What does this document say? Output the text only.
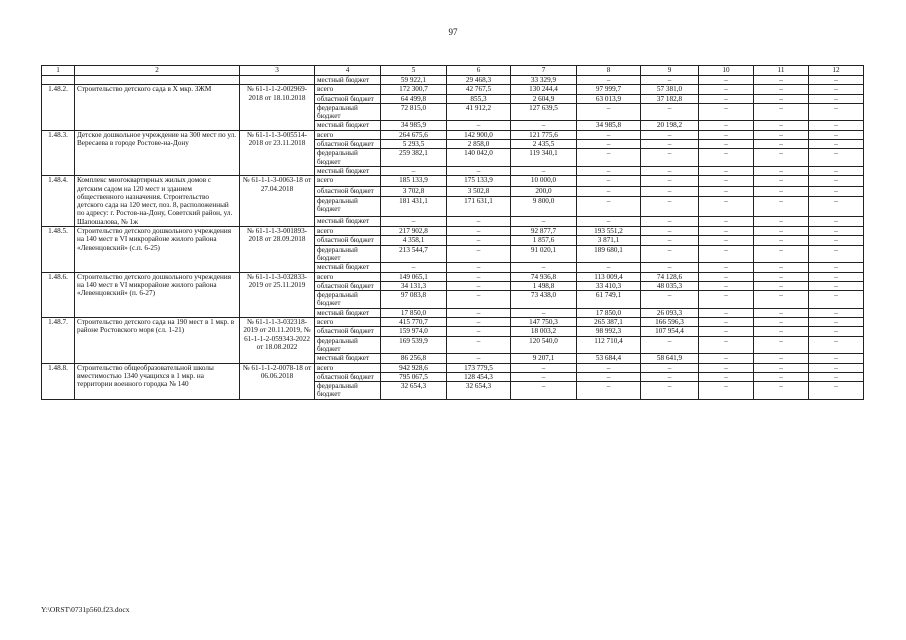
97
1	2	3	4	5	6	7	8	9	10	11	12
			местный бюджет	59 922,1	29 468,3	33 329,9	–	–	–	–	–
1.48.2.	Строительство детского сада в X мкр. ЗЖМ	№ 61-1-1-2-002969-2018 от 18.10.2018	всего	172 300,7	42 767,5	130 244,4	97 999,7	57 381,0	–	–	–
			областной бюджет	64 499,8	855,3	2 604,9	63 013,9	37 182,8	–	–	–
			федеральный бюджет	72 815,0	41 912,2	127 639,5	–	–	–	–	–
			местный бюджет	34 985,9	–	–	34 985,8	20 198,2	–	–	–
1.48.3.	Детское дошкольное учреждение на 300 мест по ул. Вересаева в городе Ростове-на-Дону	№ 61-1-1-3-005514-2018 от 23.11.2018	всего	264 675,6	142 900,0	121 775,6	–	–	–	–	–
			областной бюджет	5 293,5	2 858,0	2 435,5	–	–	–	–	–
			федеральный бюджет	259 382,1	140 042,0	119 340,1	–	–	–	–	–
			местный бюджет	–	–	–	–	–	–	–	–
1.48.4.	Комплекс многоквартирных жилых домов с детским садом на 120 мест и зданием общественного назначения. Строительство детского сада на 120 мест, поз. 8, расположенный по адресу: г. Ростов-на-Дону, Советский район, ул. Шапошалова, № 1ж	№ 61-1-1-3-0063-18 от 27.04.2018	всего	185 133,9	175 133,9	10 000,0	–	–	–	–	–
			областной бюджет	3 702,8	3 502,8	200,0	–	–	–	–	–
			федеральный бюджет	181 431,1	171 631,1	9 800,0	–	–	–	–	–
			местный бюджет	–	–	–	–	–	–	–	–
1.48.5.	Строительство детского дошкольного учреждения на 140 мест в VI микрорайоне жилого района «Левенцовский» (с.п. 6-25)	№ 61-1-1-3-001893-2018 от 28.09.2018	всего	217 902,8	–	92 877,7	193 551,2	–	–	–	–
			областной бюджет	4 358,1	–	1 857,6	3 871,1	–	–	–	–
			федеральный бюджет	213 544,7	–	91 020,1	189 680,1	–	–	–	–
			местный бюджет	–	–	–	–	–	–	–	–
1.48.6.	Строительство детского дошкольного учреждения на 140 мест в VI микрорайоне жилого района «Левенцовский» (п. 6-27)	№ 61-1-1-3-032833-2019 от 25.11.2019	всего	149 065,1	–	74 936,8	113 009,4	74 128,6	–	–	–
			областной бюджет	34 131,3	–	1 498,8	33 410,3	48 035,3	–	–	–
			федеральный бюджет	97 083,8	–	73 438,0	61 749,1	–	–	–	–
			местный бюджет	17 850,0	–	–	17 850,0	26 093,3	–	–	–
1.48.7.	Строительство детского сада на 190 мест в 1 мкр. в районе Ростовского моря (сл. 1-21)	№ 61-1-1-3-032318-2019 от 20.11.2019, № 61-1-1-2-059343-2022 от 18.08.2022	всего	415 770,7	–	147 750,3	265 387,1	166 596,3	–	–	–
			областной бюджет	159 974,0	–	18 003,2	98 992,3	107 954,4	–	–	–
			федеральный бюджет	169 539,9	–	120 540,0	112 710,4	–	–	–	–
			местный бюджет	86 256,8	–	9 207,1	53 684,4	58 641,9	–	–	–
1.48.8.	Строительство общеобразовательной школы вместимостью 1340 учащихся в 1 мкр. на территории военного городка № 140	№ 61-1-1-2-0078-18 от 06.06.2018	всего	942 928,6	173 779,5	–	–	–	–	–	–
			областной бюджет	795 067,5	128 454,3	–	–	–	–	–	–
			федеральный бюджет	32 654,3	32 654,3	–	–	–	–	–	–
Y:\ORST\0731p560.f23.docx
